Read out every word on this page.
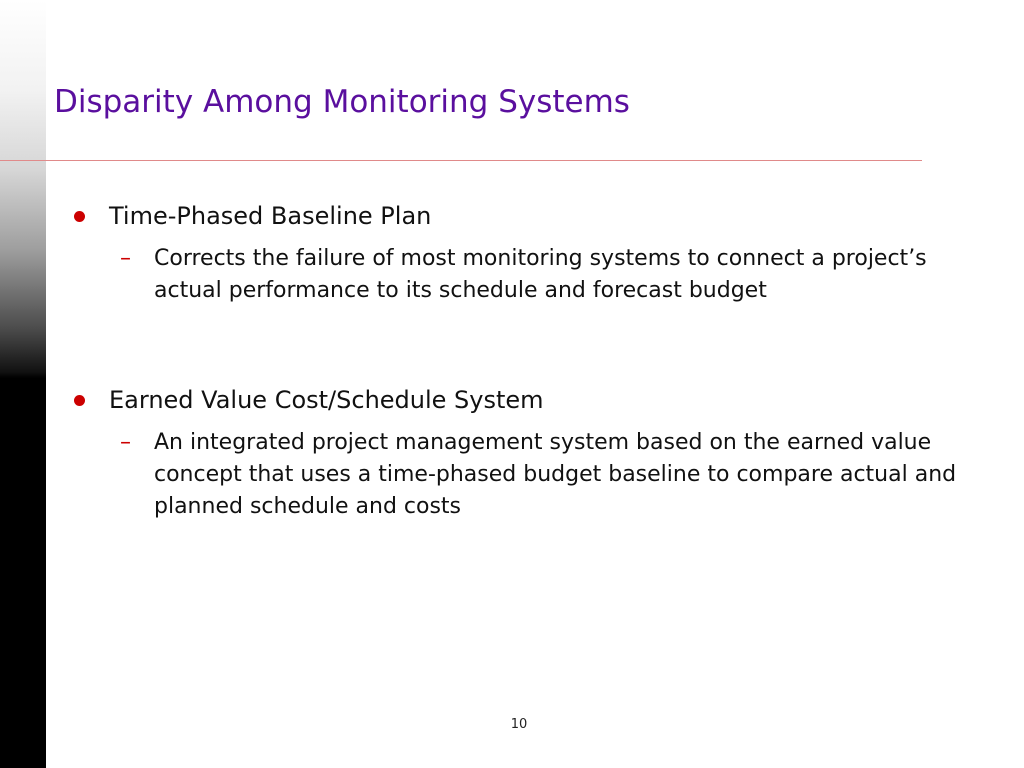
Disparity Among Monitoring Systems
Time-Phased Baseline Plan
–	Corrects the failure of most monitoring systems to connect a project’s actual performance to its schedule and forecast budget
Earned Value Cost/Schedule System
–	An integrated project management system based on the earned value concept that uses a time-phased budget baseline to compare actual and planned schedule and costs
10
